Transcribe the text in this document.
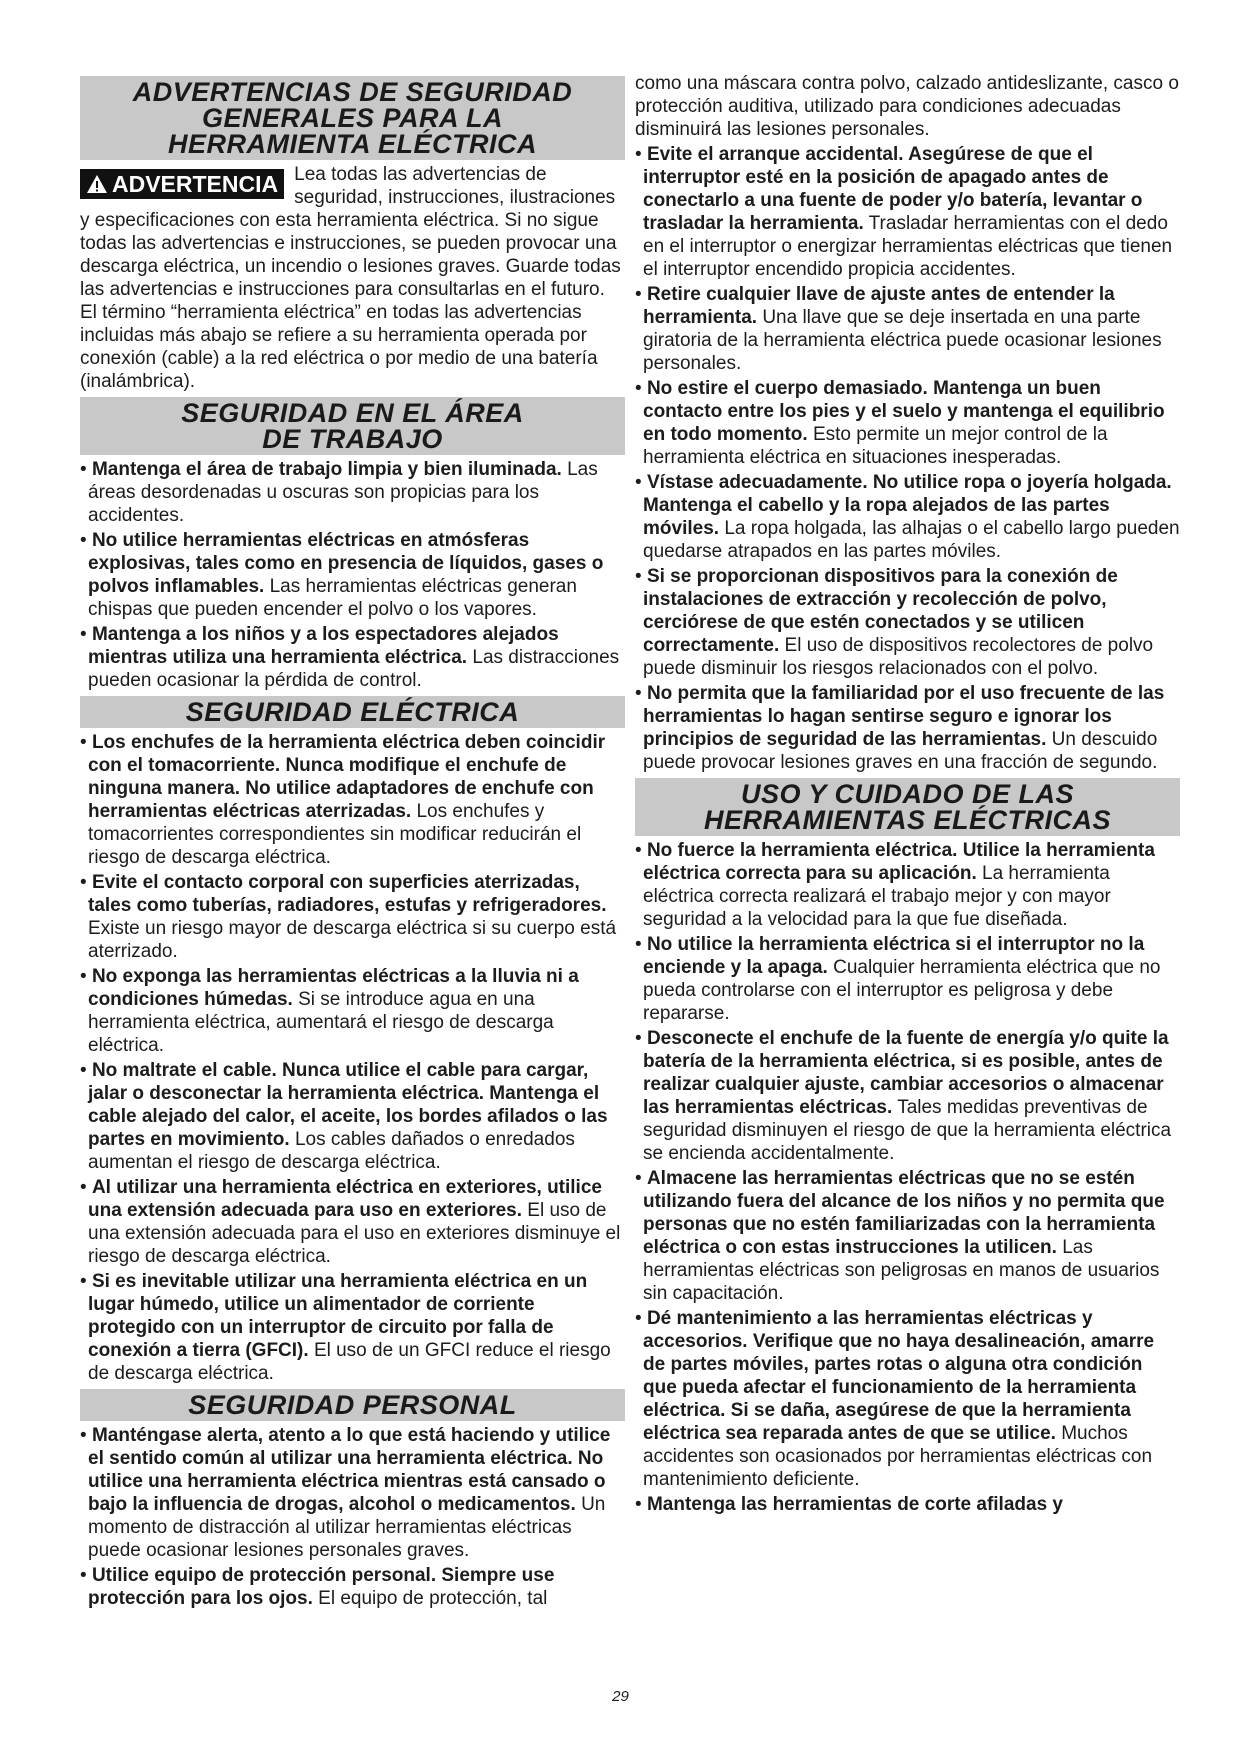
ADVERTENCIAS DE SEGURIDAD
GENERALES PARA LA
HERRAMIENTA ELÉCTRICA
ADVERTENCIA Lea todas las advertencias de seguridad, instrucciones, ilustraciones y especificaciones con esta herramienta eléctrica. Si no sigue todas las advertencias e instrucciones, se pueden provocar una descarga eléctrica, un incendio o lesiones graves. Guarde todas las advertencias e instrucciones para consultarlas en el futuro. El término “herramienta eléctrica” en todas las advertencias incluidas más abajo se refiere a su herramienta operada por conexión (cable) a la red eléctrica o por medio de una batería (inalámbrica).

SEGURIDAD EN EL ÁREA
DE TRABAJO

• Mantenga el área de trabajo limpia y bien iluminada. Las áreas desordenadas u oscuras son propicias para los accidentes.

• No utilice herramientas eléctricas en atmósferas explosivas, tales como en presencia de líquidos, gases o polvos inflamables. Las herramientas eléctricas generan chispas que pueden encender el polvo o los vapores.

• Mantenga a los niños y a los espectadores alejados mientras utiliza una herramienta eléctrica. Las distracciones pueden ocasionar la pérdida de control.

SEGURIDAD ELÉCTRICA

• Los enchufes de la herramienta eléctrica deben coincidir con el tomacorriente. Nunca modifique el enchufe de ninguna manera. No utilice adaptadores de enchufe con herramientas eléctricas aterrizadas. Los enchufes y tomacorrientes correspondientes sin modificar reducirán el riesgo de descarga eléctrica.

• Evite el contacto corporal con superficies aterrizadas, tales como tuberías, radiadores, estufas y refrigeradores. Existe un riesgo mayor de descarga eléctrica si su cuerpo está aterrizado.

• No exponga las herramientas eléctricas a la lluvia ni a condiciones húmedas. Si se introduce agua en una herramienta eléctrica, aumentará el riesgo de descarga eléctrica.

• No maltrate el cable. Nunca utilice el cable para cargar, jalar o desconectar la herramienta eléctrica. Mantenga el cable alejado del calor, el aceite, los bordes afilados o las partes en movimiento. Los cables dañados o enredados aumentan el riesgo de descarga eléctrica.

• Al utilizar una herramienta eléctrica en exteriores, utilice una extensión adecuada para uso en exteriores. El uso de una extensión adecuada para el uso en exteriores disminuye el riesgo de descarga eléctrica.

• Si es inevitable utilizar una herramienta eléctrica en un lugar húmedo, utilice un alimentador de corriente protegido con un interruptor de circuito por falla de conexión a tierra (GFCI). El uso de un GFCI reduce el riesgo de descarga eléctrica.

SEGURIDAD PERSONAL

• Manténgase alerta, atento a lo que está haciendo y utilice el sentido común al utilizar una herramienta eléctrica. No utilice una herramienta eléctrica mientras está cansado o bajo la influencia de drogas, alcohol o medicamentos. Un momento de distracción al utilizar herramientas eléctricas puede ocasionar lesiones personales graves.

• Utilice equipo de protección personal. Siempre use protección para los ojos. El equipo de protección, tal

como una máscara contra polvo, calzado antideslizante, casco o protección auditiva, utilizado para condiciones adecuadas disminuirá las lesiones personales.

• Evite el arranque accidental. Asegúrese de que el interruptor esté en la posición de apagado antes de conectarlo a una fuente de poder y/o batería, levantar o trasladar la herramienta. Trasladar herramientas con el dedo en el interruptor o energizar herramientas eléctricas que tienen el interruptor encendido propicia accidentes.

• Retire cualquier llave de ajuste antes de entender la herramienta. Una llave que se deje insertada en una parte giratoria de la herramienta eléctrica puede ocasionar lesiones personales.

• No estire el cuerpo demasiado. Mantenga un buen contacto entre los pies y el suelo y mantenga el equilibrio en todo momento. Esto permite un mejor control de la herramienta eléctrica en situaciones inesperadas.

• Vístase adecuadamente. No utilice ropa o joyería holgada. Mantenga el cabello y la ropa alejados de las partes móviles. La ropa holgada, las alhajas o el cabello largo pueden quedarse atrapados en las partes móviles.

• Si se proporcionan dispositivos para la conexión de instalaciones de extracción y recolección de polvo, cerciórese de que estén conectados y se utilicen correctamente. El uso de dispositivos recolectores de polvo puede disminuir los riesgos relacionados con el polvo.

• No permita que la familiaridad por el uso frecuente de las herramientas lo hagan sentirse seguro e ignorar los principios de seguridad de las herramientas. Un descuido puede provocar lesiones graves en una fracción de segundo.

USO Y CUIDADO DE LAS
HERRAMIENTAS ELÉCTRICAS

• No fuerce la herramienta eléctrica. Utilice la herramienta eléctrica correcta para su aplicación. La herramienta eléctrica correcta realizará el trabajo mejor y con mayor seguridad a la velocidad para la que fue diseñada.

• No utilice la herramienta eléctrica si el interruptor no la enciende y la apaga. Cualquier herramienta eléctrica que no pueda controlarse con el interruptor es peligrosa y debe repararse.

• Desconecte el enchufe de la fuente de energía y/o quite la batería de la herramienta eléctrica, si es posible, antes de realizar cualquier ajuste, cambiar accesorios o almacenar las herramientas eléctricas. Tales medidas preventivas de seguridad disminuyen el riesgo de que la herramienta eléctrica se encienda accidentalmente.

• Almacene las herramientas eléctricas que no se estén utilizando fuera del alcance de los niños y no permita que personas que no estén familiarizadas con la herramienta eléctrica o con estas instrucciones la utilicen. Las herramientas eléctricas son peligrosas en manos de usuarios sin capacitación.

• Dé mantenimiento a las herramientas eléctricas y accesorios. Verifique que no haya desalineación, amarre de partes móviles, partes rotas o alguna otra condición que pueda afectar el funcionamiento de la herramienta eléctrica. Si se daña, asegúrese de que la herramienta eléctrica sea reparada antes de que se utilice. Muchos accidentes son ocasionados por herramientas eléctricas con mantenimiento deficiente.

• Mantenga las herramientas de corte afiladas y

29
